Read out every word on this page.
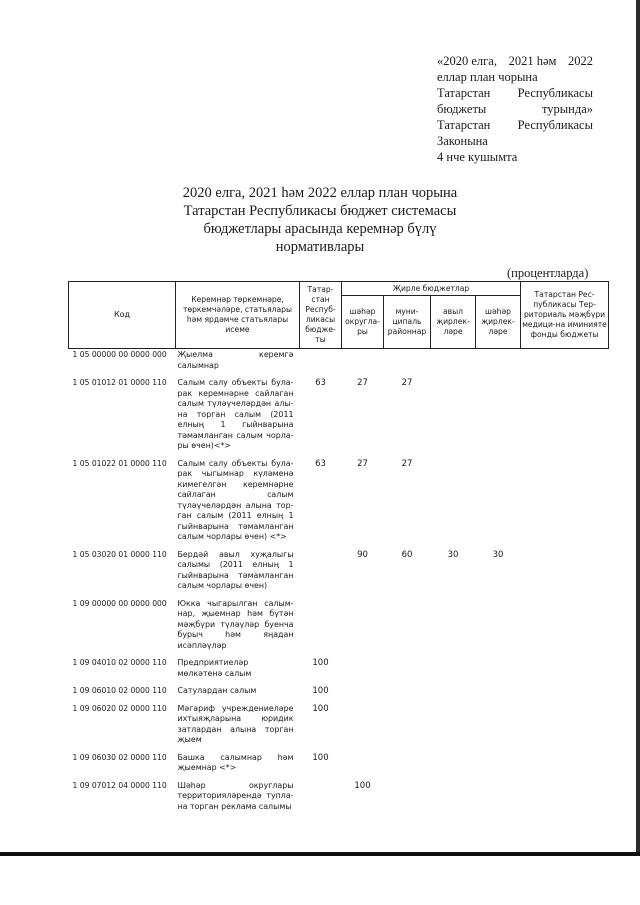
«2020 елга, 2021 һәм 2022
еллар план чорына
Татарстан Республикасы
бюджеты	турында»
Татарстан Республикасы
Законына
4 нче кушымта
2020 елга, 2021 һәм 2022 еллар план чорына
Татарстан Республикасы бюджет системасы
бюджетлары арасында керемнәр бүлү
нормативлары
(процентларда)
Код	Керемнәр төркемнәре, төркемчәләре, статьялары һәм ярдәмче статьялары исеме	Татар-стан Респуб-ликасы бюдже-ты	Җирле бюджетлар				Татарстан Рес-публикасы Тер-риториаль мәҗбүри медици-на иминияте фонды бюджеты
			шәһәр округла-ры	муни-ципаль районнар	авыл җирлек-ләре	шәһәр җирлек-ләре	
1 05 00000 00 0000 000	Җыелма керемгә салымнар						
1 05 01012 01 0000 110	Салым салу объекты була-рак керемнәрне сайлаган салым түләүчеләрдән алы-на торган салым (2011 елның 1 гыйнварына тәмамланган салым чорла-ры өчен)<*>	63	27	27			
1 05 01022 01 0000 110	Салым салу объекты була-рак чыгымнар күләменә кимегелгән керемнәрне сайлаган салым түләүчеләрдән алына тор-ган салым (2011 елның 1 гыйнварына тәмамланган салым чорлары өчен) <*>	63	27	27			
1 05 03020 01 0000 110	Бердәй авыл хуҗалыгы салымы (2011 елның 1 гыйнварына тәмамланган салым чорлары өчен)		90	60	30	30	
1 09 00000 00 0000 000	Юкка чыгарылган салым-нар, җыемнар һәм бүтән мәҗбүри түләүләр буенча бурыч һәм яңадан исәпләүләр						
1 09 04010 02 0000 110	Предприятиеләр мөлкәтенә салым	100					
1 09 06010 02 0000 110	Сатулардан салым	100					
1 09 06020 02 0000 110	Мәгариф учреждениеләре ихтыяҗларына юридик затлардан алына торган җыем	100					
1 09 06030 02 0000 110	Башка салымнар һәм җыемнар <*>	100					
1 09 07012 04 0000 110	Шәһәр округлары территорияләрендә тупла-на торган реклама салымы		100				
